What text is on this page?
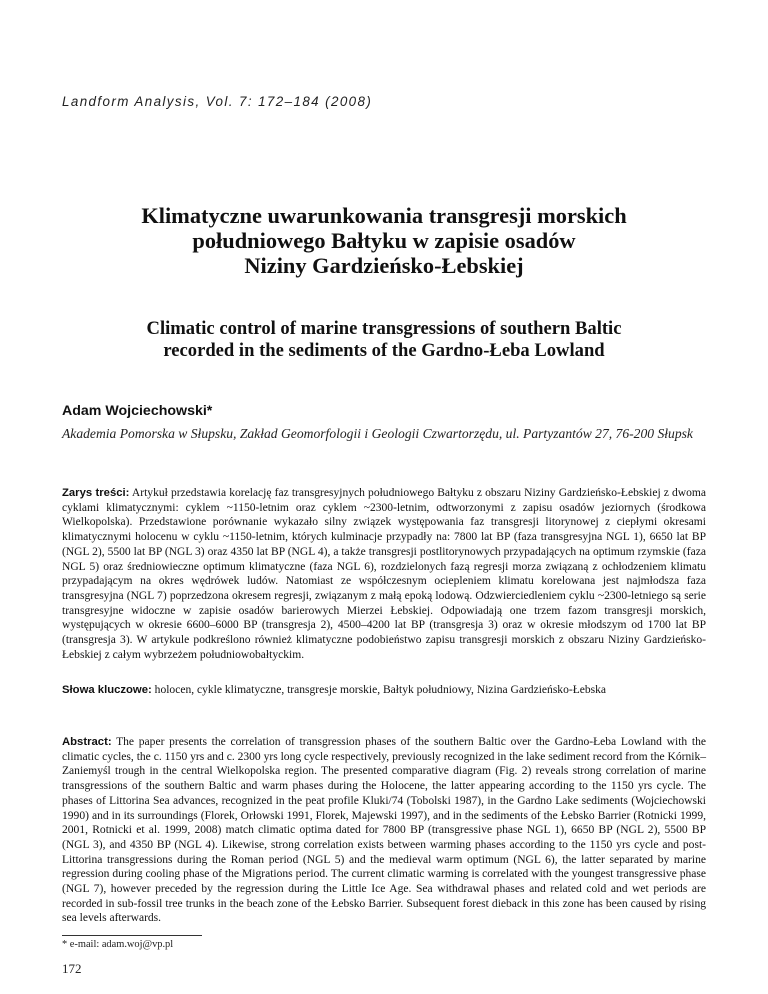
Landform Analysis, Vol. 7: 172–184 (2008)
Klimatyczne uwarunkowania transgresji morskich
południowego Bałtyku w zapisie osadów
Niziny Gardzieńsko-Łebskiej
Climatic control of marine transgressions of southern Baltic
recorded in the sediments of the Gardno-Łeba Lowland
Adam Wojciechowski*
Akademia Pomorska w Słupsku, Zakład Geomorfologii i Geologii Czwartorzędu, ul. Partyzantów 27, 76-200 Słupsk
Zarys treści: Artykuł przedstawia korelację faz transgresyjnych południowego Bałtyku z obszaru Niziny Gardzieńsko-Łebskiej z dwoma cyklami klimatycznymi: cyklem ~1150-letnim oraz cyklem ~2300-letnim, odtworzonymi z zapisu osadów jeziornych (środkowa Wielkopolska). Przedstawione porównanie wykazało silny związek występowania faz transgresji litorynowej z ciepłymi okresami klimatycznymi holocenu w cyklu ~1150-letnim, których kulminacje przypadły na: 7800 lat BP (faza transgresyjna NGL 1), 6650 lat BP (NGL 2), 5500 lat BP (NGL 3) oraz 4350 lat BP (NGL 4), a także transgresji postlitorynowych przypadających na optimum rzymskie (faza NGL 5) oraz średniowieczne optimum klimatyczne (faza NGL 6), rozdzielonych fazą regresji morza związaną z ochłodzeniem klimatu przypadającym na okres wędrówek ludów. Natomiast ze współczesnym ociepleniem klimatu korelowana jest najmłodsza faza transgresyjna (NGL 7) poprzedzona okresem regresji, związanym z małą epoką lodową. Odzwierciedleniem cyklu ~2300-letniego są serie transgresyjne widoczne w zapisie osadów barierowych Mierzei Łebskiej. Odpowiadają one trzem fazom transgresji morskich, występujących w okresie 6600–6000 BP (transgresja 2), 4500–4200 lat BP (transgresja 3) oraz w okresie młodszym od 1700 lat BP (transgresja 3). W artykule podkreślono również klimatyczne podobieństwo zapisu transgresji morskich z obszaru Niziny Gardzieńsko-Łebskiej z całym wybrzeżem południowobałtyckim.
Słowa kluczowe: holocen, cykle klimatyczne, transgresje morskie, Bałtyk południowy, Nizina Gardzieńsko-Łebska
Abstract: The paper presents the correlation of transgression phases of the southern Baltic over the Gardno-Łeba Lowland with the climatic cycles, the c. 1150 yrs and c. 2300 yrs long cycle respectively, previously recognized in the lake sediment record from the Kórnik–Zaniemyśl trough in the central Wielkopolska region. The presented comparative diagram (Fig. 2) reveals strong correlation of marine transgressions of the southern Baltic and warm phases during the Holocene, the latter appearing according to the 1150 yrs cycle. The phases of Littorina Sea advances, recognized in the peat profile Kluki/74 (Tobolski 1987), in the Gardno Lake sediments (Wojciechowski 1990) and in its surroundings (Florek, Orłowski 1991, Florek, Majewski 1997), and in the sediments of the Łebsko Barrier (Rotnicki 1999, 2001, Rotnicki et al. 1999, 2008) match climatic optima dated for 7800 BP (transgressive phase NGL 1), 6650 BP (NGL 2), 5500 BP (NGL 3), and 4350 BP (NGL 4). Likewise, strong correlation exists between warming phases according to the 1150 yrs cycle and post-Littorina transgressions during the Roman period (NGL 5) and the medieval warm optimum (NGL 6), the latter separated by marine regression during cooling phase of the Migrations period. The current climatic warming is correlated with the youngest transgressive phase (NGL 7), however preceded by the regression during the Little Ice Age. Sea withdrawal phases and related cold and wet periods are recorded in sub-fossil tree trunks in the beach zone of the Łebsko Barrier. Subsequent forest dieback in this zone has been caused by rising sea levels afterwards.
* e-mail: adam.woj@vp.pl
172
